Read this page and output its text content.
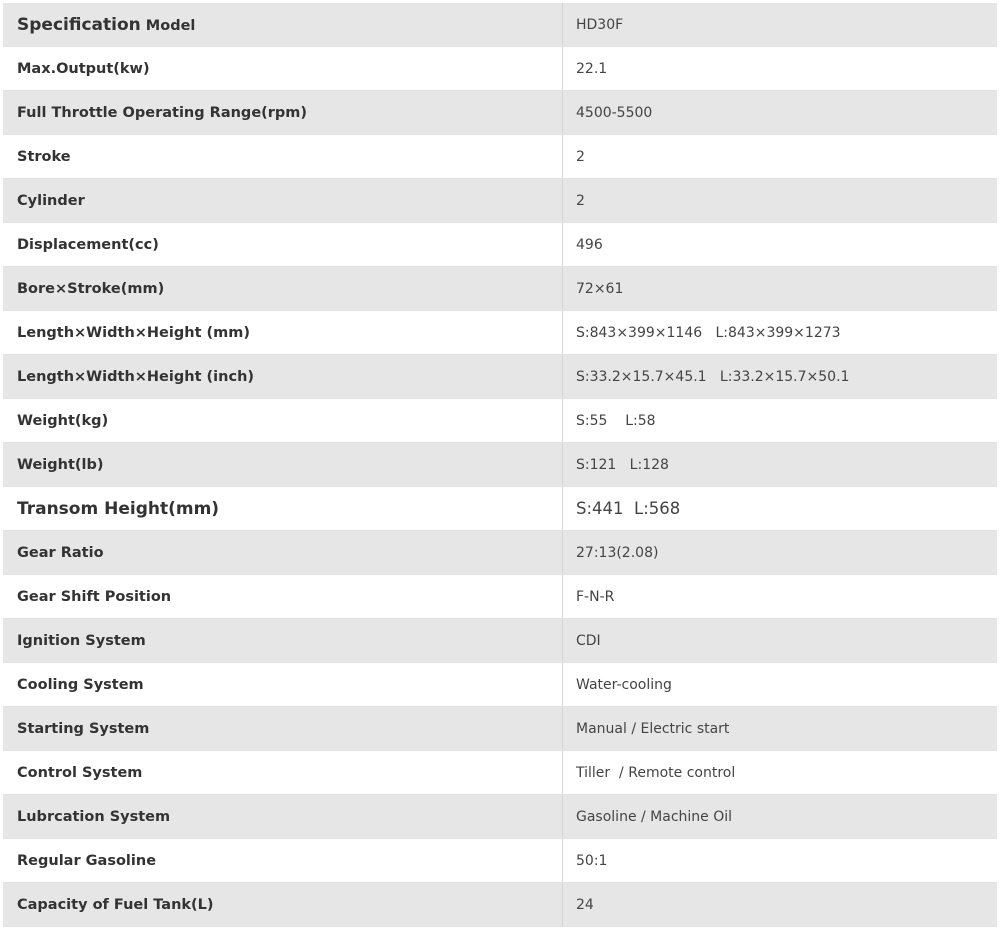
Specification Model	HD30F
Max.Output(kw)	22.1
Full Throttle Operating Range(rpm)	4500-5500
Stroke	2
Cylinder	2
Displacement(cc)	496
Bore×Stroke(mm)	72×61
Length×Width×Height (mm)	S:843×399×1146   L:843×399×1273
Length×Width×Height (inch)	S:33.2×15.7×45.1   L:33.2×15.7×50.1
Weight(kg)	S:55    L:58
Weight(lb)	S:121   L:128
Transom Height(mm)	S:441  L:568
Gear Ratio	27:13(2.08)
Gear Shift Position	F-N-R
Ignition System	CDI
Cooling System	Water-cooling
Starting System	Manual / Electric start
Control System	Tiller  / Remote control
Lubrcation System	Gasoline / Machine Oil
Regular Gasoline	50:1
Capacity of Fuel Tank(L)	24
